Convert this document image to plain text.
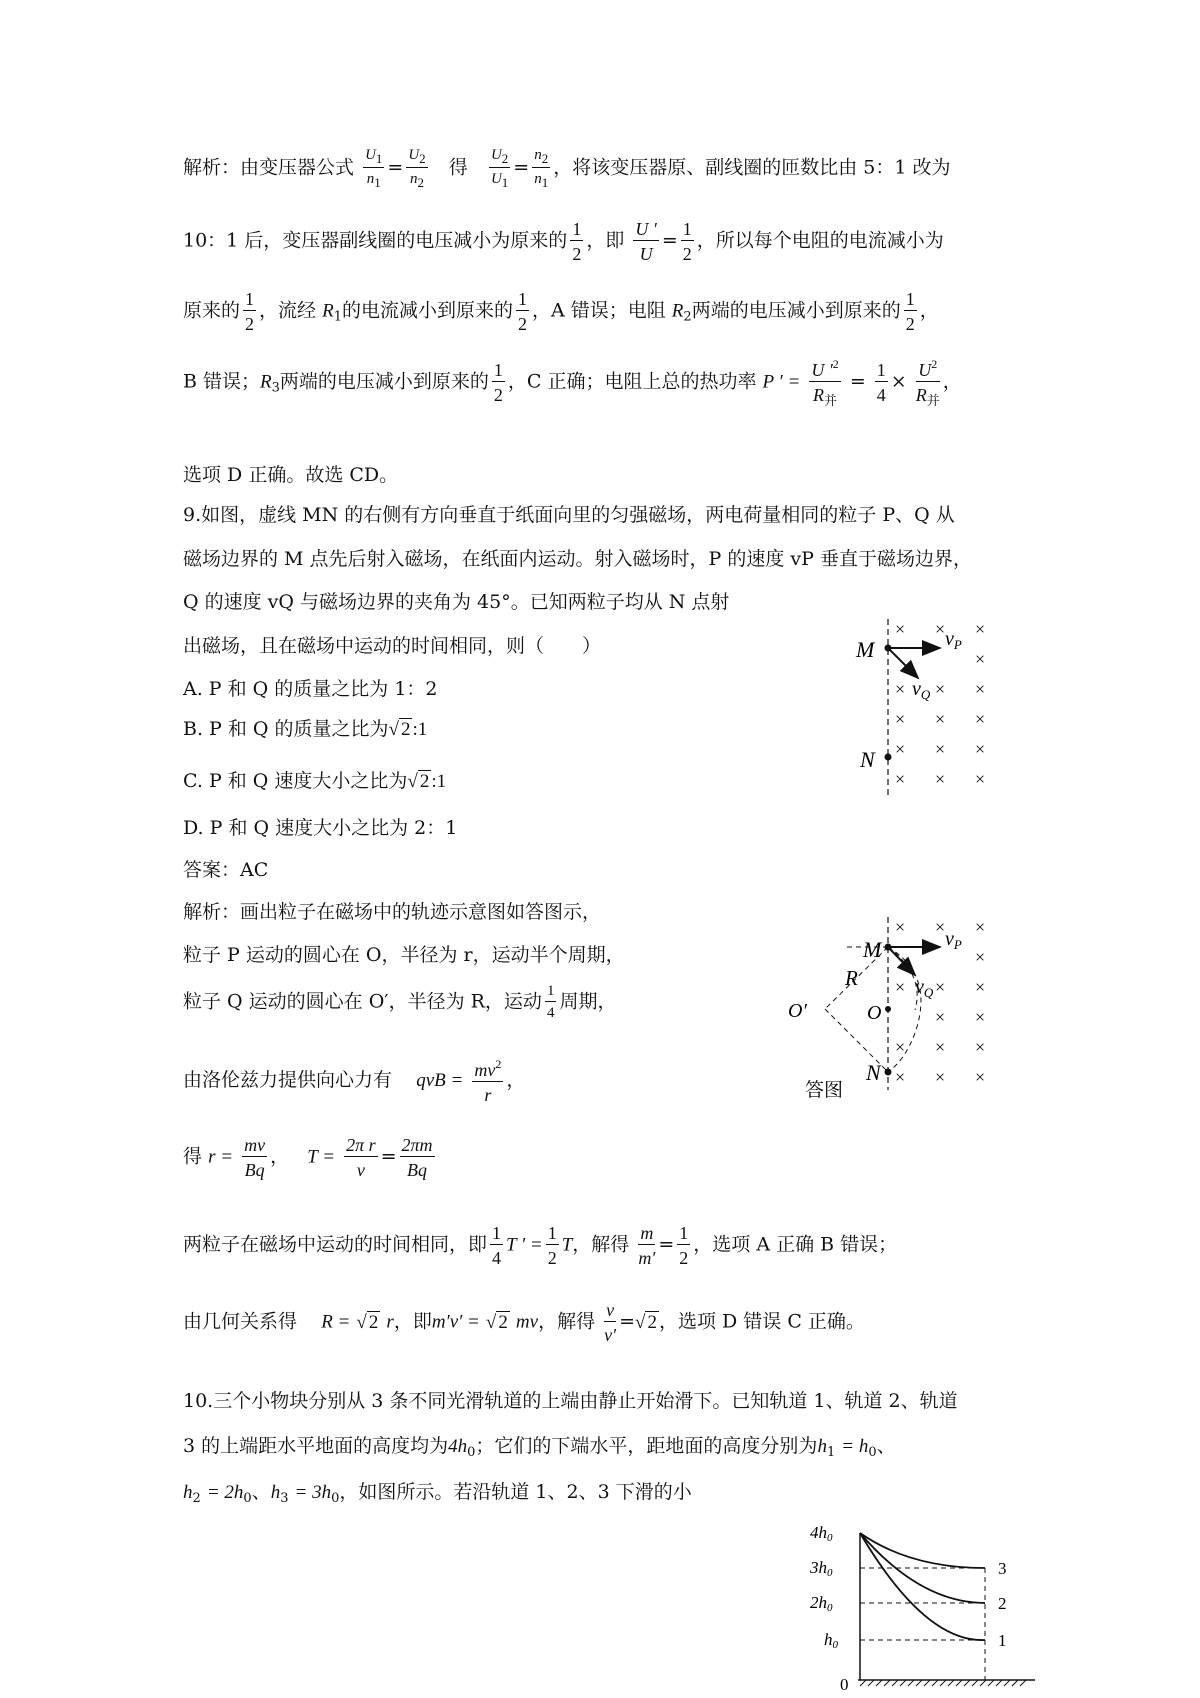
解析：由变压器公式 $\frac{U1}{n1} = \frac{U2}{n2}$ 得 $\frac{U2}{U1} = \frac{n2}{n1}$ ，将该变压器原、副线圈的匝数比由 5：1 改为
10：1 后，变压器副线圈的电压减小为原来的 $\frac{1}{2}$ ，即 $\frac{U '}{U} = \frac{1}{2}$ ，所以每个电阻的电流减小为
原来的 $\frac{1}{2}$ ，流经 $R_1$的电流减小到原来的 $\frac{1}{2}$ ，A 错误；电阻 $R_2$两端的电压减小到原来的 $\frac{1}{2}$ ，
B 错误；$R_3$两端的电压减小到原来的 $\frac{1}{2}$ ，C 正确；电阻上总的热功率 P ′ = $\frac{U '^2}{R_并} = \frac{1}{4} \times \frac{U^2}{R_并}$ ，
选项 D 正确。故选 CD。
9.如图，虚线 MN 的右侧有方向垂直于纸面向里的匀强磁场，两电荷量相同的粒子 P、Q 从
磁场边界的 M 点先后射入磁场，在纸面内运动。射入磁场时，P 的速度 vP 垂直于磁场边界，
Q 的速度 vQ 与磁场边界的夹角为 45°。已知两粒子均从 N 点射
出磁场，且在磁场中运动的时间相同，则（　　）
A. P 和 Q 的质量之比为 1：2
B. P 和 Q 的质量之比为√ 2 :1
C. P 和 Q 速度大小之比为√ 2 :1
D. P 和 Q 速度大小之比为 2：1
答案：AC
解析：画出粒子在磁场中的轨迹示意图如答图示，
粒子 P 运动的圆心在 O，半径为 r，运动半个周期，
粒子 Q 运动的圆心在 O′，半径为 R，运动 $\frac{1}{4}$ 周期，
由洛伦兹力提供向心力有 qvB = $\frac{mv^2}{r}$ ，
得 $r = \frac{mv}{Bq}$ ， $T = \frac{\text{2π r}}{v} = \frac{2\pi m}{Bq}$
两粒子在磁场中运动的时间相同，即 $\frac{1}{4}$ T ′ = $\frac{1}{2}$ T，解得 $\frac{m}{m'} = \frac{1}{2}$ ，选项 A 正确 B 错误；
由几何关系得 R = √ 2 r，即m′v′ = √ 2 mv，解得 $\frac{v}{v'}$ =√ 2 ，选项 D 错误 C 正确。
× × ×
×
× × ×
× × ×
× × ×
× × ×
M
N
$v_P$
$v_Q$
× × ×
×
× × ×
× ×
× × ×
× × ×
M
R
O′	O
N
$v_P$
$v_Q$
答图
10.三个小物块分别从 3 条不同光滑轨道的上端由静止开始滑下。已知轨道 1、轨道 2、轨道
3 的上端距水平地面的高度均为$4h_0$；它们的下端水平，距地面的高度分别为$h_1 = h_0$、
$h_2 = 2h_0$、$h_3 = 3h_0$，如图所示。若沿轨道 1、2、3 下滑的小
4h0
3h0
2h0
h0
0
3
2
1
